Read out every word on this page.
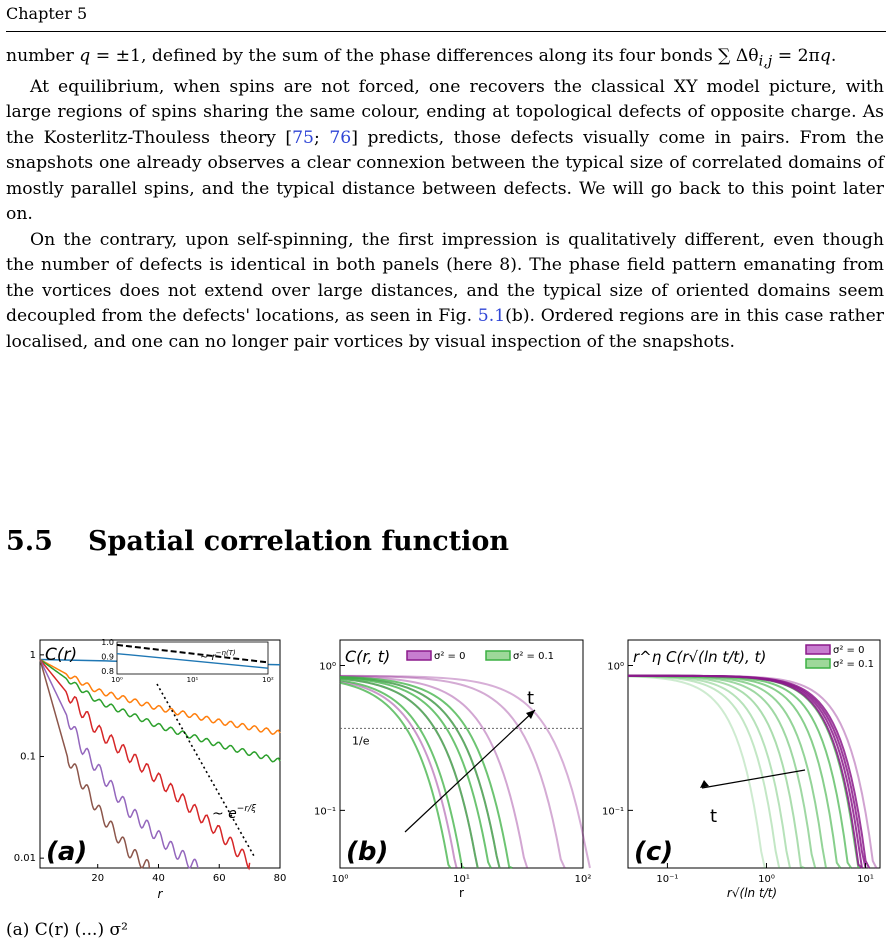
Chapter 5

number q = ±1, defined by the sum of the phase differences along its four bonds ∑ $\Delta\theta_{i,j} = 2\pi q$.

At equilibrium, when spins are not forced, one recovers the classical XY model picture, with large regions of spins sharing the same colour, ending at topological defects of opposite charge. As the Kosterlitz-Thouless theory [75; 76] predicts, those defects visually come in pairs. From the snapshots one already observes a clear connexion between the typical size of correlated domains of mostly parallel spins, and the typical distance between defects. We will go back to this point later on.

On the contrary, upon self-spinning, the first impression is qualitatively different, even though the number of defects is identical in both panels (here 8). The phase field pattern emanating from the vortices does not extend over large distances, and the typical size of oriented domains seem decoupled from the defects' locations, as seen in Fig. 5.1(b). Ordered regions are in this case rather localised, and one can no longer pair vortices by visual inspection of the snapshots.

5.5 Spatial correlation function
~ $e^{-r/\xi}$
20	40	60	80
1
0.1
0.01
r
C(r)
(a)
1.0
0.9
0.8
10⁰	10¹	10²
~ $r^{-\eta(T)}$
1/e
t
10⁰	10¹	10²
10⁰
10⁻¹
r
C(r, t)
(b)
σ² = 0	σ² = 0.1
t
10⁻¹	10⁰	10¹
10⁰
10⁻¹
r√(ln t/t)
r^η C(r√(ln t/t), t)
(c)
σ² = 0
σ² = 0.1
(a) C(r) (...) σ²
